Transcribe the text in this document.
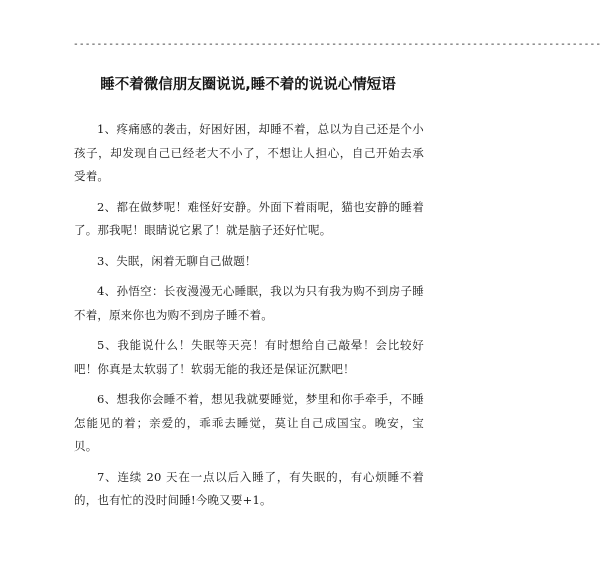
------------------------------------------------------------------------------------------
睡不着微信朋友圈说说,睡不着的说说心情短语

1、疼痛感的袭击，好困好困，却睡不着，总以为自己还是个小孩子，却发现自己已经老大不小了，不想让人担心，自己开始去承受着。

2、都在做梦呢！难怪好安静。外面下着雨呢，猫也安静的睡着了。那我呢！眼睛说它累了！就是脑子还好忙呢。

3、失眠，闲着无聊自己做题！

4、孙悟空：长夜漫漫无心睡眠，我以为只有我为购不到房子睡不着，原来你也为购不到房子睡不着。

5、我能说什么！失眠等天亮！有时想给自己敲晕！会比较好吧！你真是太软弱了！软弱无能的我还是保证沉默吧！

6、想我你会睡不着，想见我就要睡觉，梦里和你手牵手，不睡怎能见的着；亲爱的，乖乖去睡觉，莫让自己成国宝。晚安，宝贝。

7、连续 20 天在一点以后入睡了，有失眠的，有心烦睡不着的，也有忙的没时间睡!今晚又要+1。
